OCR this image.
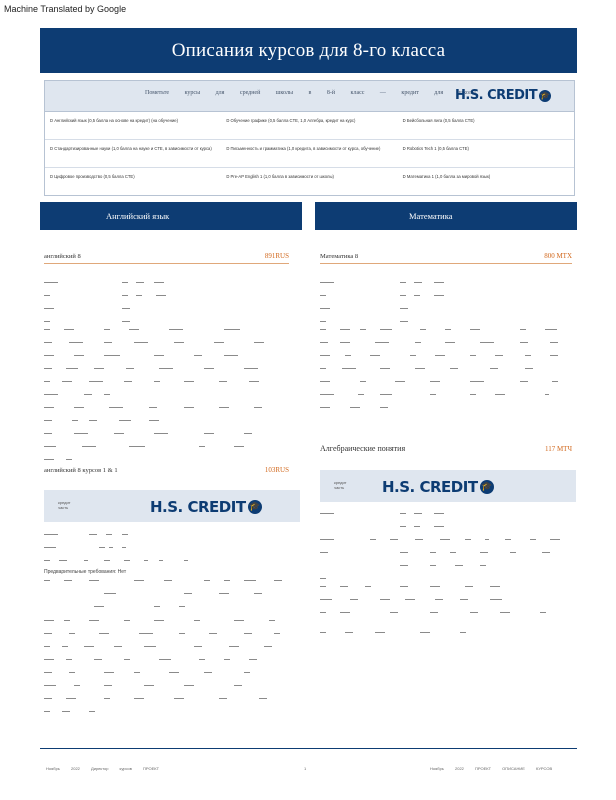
Machine Translated by Google
Описания курсов для 8-го класса
Пометьте курсы для средней школы в 8-й класс — кредит для школы
H.S. CREDIT 🎓
D Английский язык (0,5 балла на основе на кредит) (на обучение)	D Обучение графике (0,5 балла CTE, 1,0 Алгебра, кредит на курс)	D Бейсбольная лига (0,5 балла CTE)
D Стандартизированные науки (1,0 балла на науке и CTE, в зависимости от курса)	D Письменность и грамматика (1,0 кредита, в зависимости от курса, обучение)	D Robotics Tech 1 (0,5 балла CTE)
D Цифровое производство (0,5 балла CTE)	D Pre-AP English 1 (1,0 балла в зависимости от школы)	D Математика 1 (1,0 балла за мировой язык)
Английский язык	Математика
английский 8	891RUS
английский 8 курсов 1 & 1	103RUS
кредит
часть	H.S. CREDIT 🎓
Предварительные требования: Нет
Математика 8	800 МТХ
Алгебраические понятия	117 МТЧ
кредит
часть	H.S. CREDIT 🎓
Ноябрь 2022 Директор курсов ПРОЕКТ	1	Ноябрь 2022 ПРОЕКТ ОПИСАНИЕ КУРСОВ
